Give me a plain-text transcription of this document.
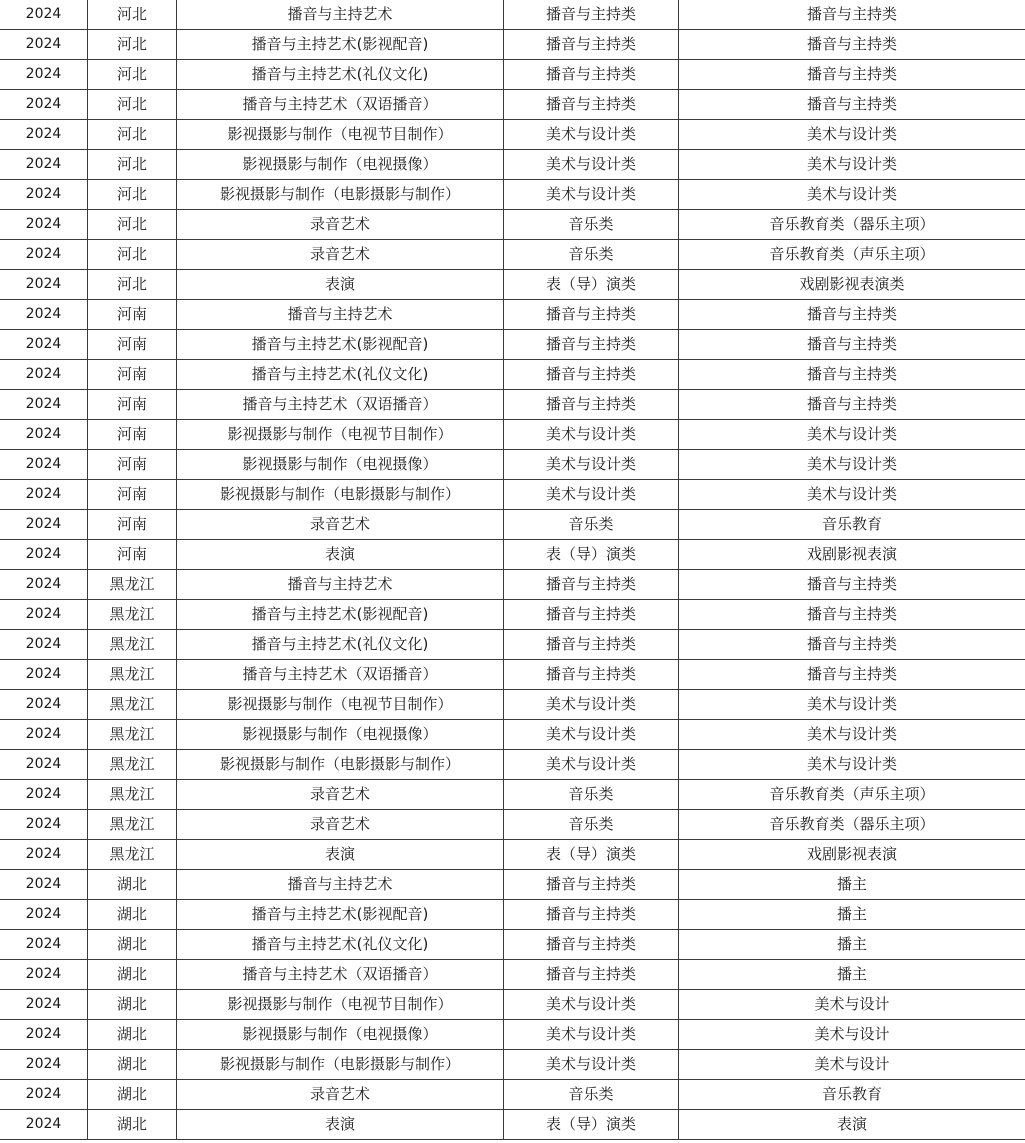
2024	河北	播音与主持艺术	播音与主持类	播音与主持类
2024	河北	播音与主持艺术(影视配音)	播音与主持类	播音与主持类
2024	河北	播音与主持艺术(礼仪文化)	播音与主持类	播音与主持类
2024	河北	播音与主持艺术（双语播音）	播音与主持类	播音与主持类
2024	河北	影视摄影与制作（电视节目制作）	美术与设计类	美术与设计类
2024	河北	影视摄影与制作（电视摄像）	美术与设计类	美术与设计类
2024	河北	影视摄影与制作（电影摄影与制作）	美术与设计类	美术与设计类
2024	河北	录音艺术	音乐类	音乐教育类（器乐主项）
2024	河北	录音艺术	音乐类	音乐教育类（声乐主项）
2024	河北	表演	表（导）演类	戏剧影视表演类
2024	河南	播音与主持艺术	播音与主持类	播音与主持类
2024	河南	播音与主持艺术(影视配音)	播音与主持类	播音与主持类
2024	河南	播音与主持艺术(礼仪文化)	播音与主持类	播音与主持类
2024	河南	播音与主持艺术（双语播音）	播音与主持类	播音与主持类
2024	河南	影视摄影与制作（电视节目制作）	美术与设计类	美术与设计类
2024	河南	影视摄影与制作（电视摄像）	美术与设计类	美术与设计类
2024	河南	影视摄影与制作（电影摄影与制作）	美术与设计类	美术与设计类
2024	河南	录音艺术	音乐类	音乐教育
2024	河南	表演	表（导）演类	戏剧影视表演
2024	黑龙江	播音与主持艺术	播音与主持类	播音与主持类
2024	黑龙江	播音与主持艺术(影视配音)	播音与主持类	播音与主持类
2024	黑龙江	播音与主持艺术(礼仪文化)	播音与主持类	播音与主持类
2024	黑龙江	播音与主持艺术（双语播音）	播音与主持类	播音与主持类
2024	黑龙江	影视摄影与制作（电视节目制作）	美术与设计类	美术与设计类
2024	黑龙江	影视摄影与制作（电视摄像）	美术与设计类	美术与设计类
2024	黑龙江	影视摄影与制作（电影摄影与制作）	美术与设计类	美术与设计类
2024	黑龙江	录音艺术	音乐类	音乐教育类（声乐主项）
2024	黑龙江	录音艺术	音乐类	音乐教育类（器乐主项）
2024	黑龙江	表演	表（导）演类	戏剧影视表演
2024	湖北	播音与主持艺术	播音与主持类	播主
2024	湖北	播音与主持艺术(影视配音)	播音与主持类	播主
2024	湖北	播音与主持艺术(礼仪文化)	播音与主持类	播主
2024	湖北	播音与主持艺术（双语播音）	播音与主持类	播主
2024	湖北	影视摄影与制作（电视节目制作）	美术与设计类	美术与设计
2024	湖北	影视摄影与制作（电视摄像）	美术与设计类	美术与设计
2024	湖北	影视摄影与制作（电影摄影与制作）	美术与设计类	美术与设计
2024	湖北	录音艺术	音乐类	音乐教育
2024	湖北	表演	表（导）演类	表演
